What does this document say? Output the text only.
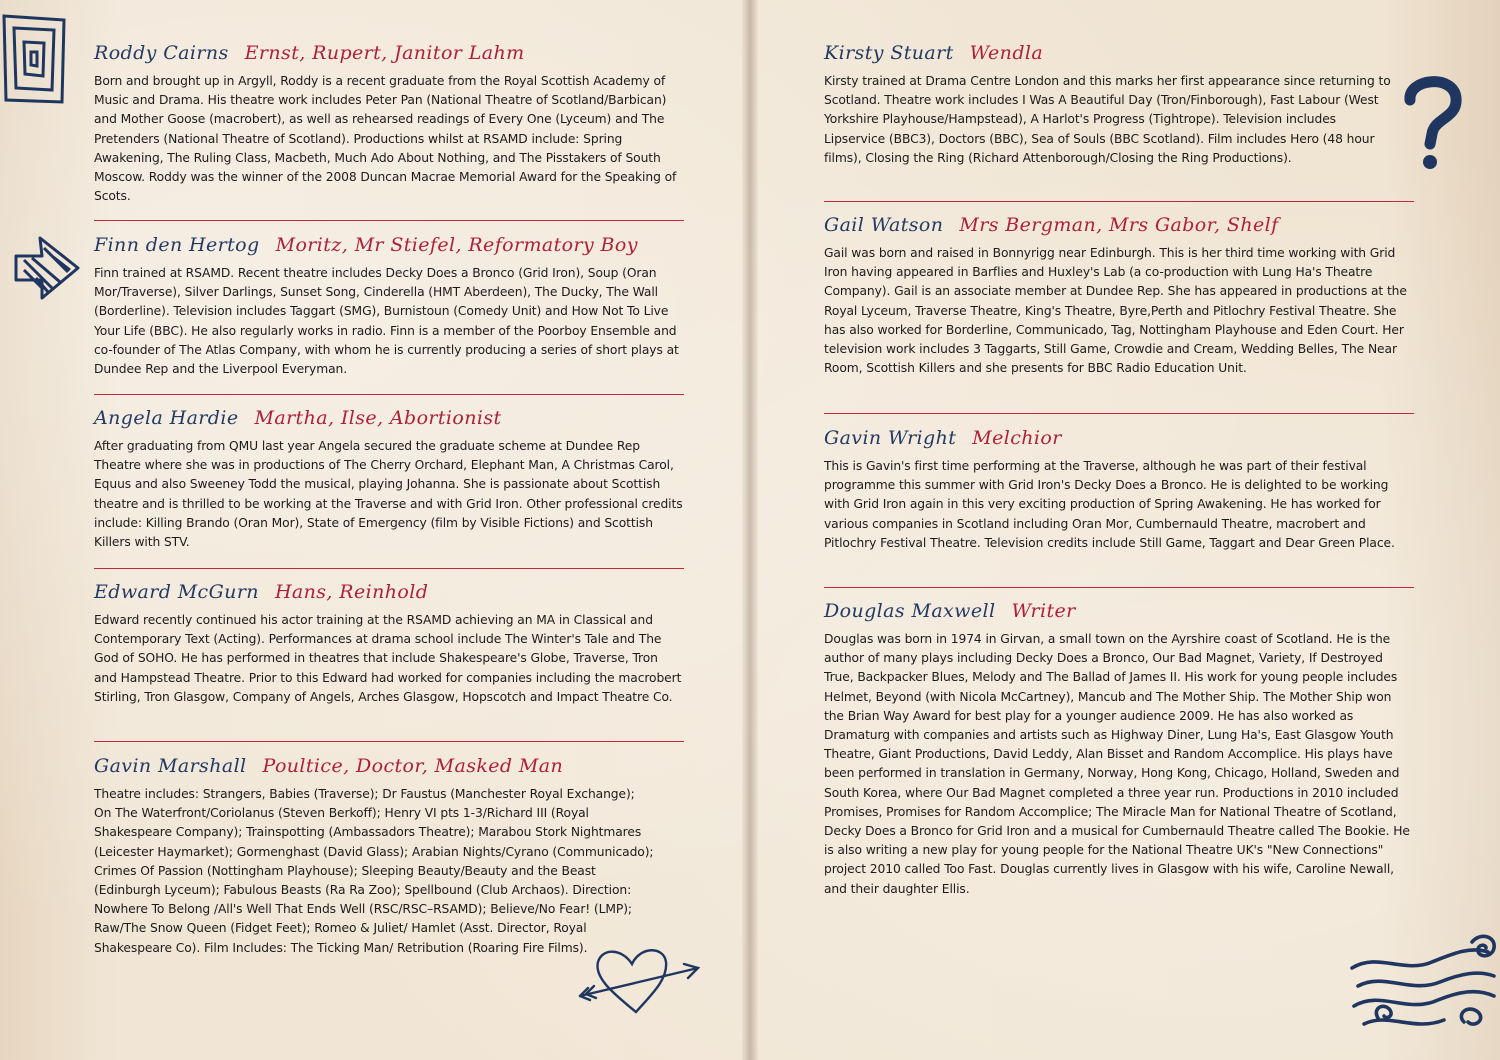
Roddy Cairns Ernst, Rupert, Janitor Lahm

Born and brought up in Argyll, Roddy is a recent graduate from the Royal Scottish Academy of Music and Drama. His theatre work includes Peter Pan (National Theatre of Scotland/Barbican) and Mother Goose (macrobert), as well as rehearsed readings of Every One (Lyceum) and The Pretenders (National Theatre of Scotland). Productions whilst at RSAMD include: Spring Awakening, The Ruling Class, Macbeth, Much Ado About Nothing, and The Pisstakers of South Moscow. Roddy was the winner of the 2008 Duncan Macrae Memorial Award for the Speaking of Scots.

Finn den Hertog Moritz, Mr Stiefel, Reformatory Boy

Finn trained at RSAMD. Recent theatre includes Decky Does a Bronco (Grid Iron), Soup (Oran Mor/Traverse), Silver Darlings, Sunset Song, Cinderella (HMT Aberdeen), The Ducky, The Wall (Borderline). Television includes Taggart (SMG), Burnistoun (Comedy Unit) and How Not To Live Your Life (BBC). He also regularly works in radio. Finn is a member of the Poorboy Ensemble and co-founder of The Atlas Company, with whom he is currently producing a series of short plays at Dundee Rep and the Liverpool Everyman.

Angela Hardie Martha, Ilse, Abortionist

After graduating from QMU last year Angela secured the graduate scheme at Dundee Rep Theatre where she was in productions of The Cherry Orchard, Elephant Man, A Christmas Carol, Equus and also Sweeney Todd the musical, playing Johanna. She is passionate about Scottish theatre and is thrilled to be working at the Traverse and with Grid Iron. Other professional credits include: Killing Brando (Oran Mor), State of Emergency (film by Visible Fictions) and Scottish Killers with STV.

Edward McGurn Hans, Reinhold

Edward recently continued his actor training at the RSAMD achieving an MA in Classical and Contemporary Text (Acting). Performances at drama school include The Winter's Tale and The God of SOHO. He has performed in theatres that include Shakespeare's Globe, Traverse, Tron and Hampstead Theatre. Prior to this Edward had worked for companies including the macrobert Stirling, Tron Glasgow, Company of Angels, Arches Glasgow, Hopscotch and Impact Theatre Co.

Gavin Marshall Poultice, Doctor, Masked Man

Theatre includes: Strangers, Babies (Traverse); Dr Faustus (Manchester Royal Exchange); On The Waterfront/Coriolanus (Steven Berkoff); Henry VI pts 1-3/Richard III (Royal Shakespeare Company); Trainspotting (Ambassadors Theatre); Marabou Stork Nightmares (Leicester Haymarket); Gormenghast (David Glass); Arabian Nights/Cyrano (Communicado); Crimes Of Passion (Nottingham Playhouse); Sleeping Beauty/Beauty and the Beast (Edinburgh Lyceum); Fabulous Beasts (Ra Ra Zoo); Spellbound (Club Archaos). Direction: Nowhere To Belong /All's Well That Ends Well (RSC/RSC–RSAMD); Believe/No Fear! (LMP); Raw/The Snow Queen (Fidget Feet); Romeo & Juliet/ Hamlet (Asst. Director, Royal Shakespeare Co). Film Includes: The Ticking Man/ Retribution (Roaring Fire Films).

Kirsty Stuart Wendla

Kirsty trained at Drama Centre London and this marks her first appearance since returning to Scotland. Theatre work includes I Was A Beautiful Day (Tron/Finborough), Fast Labour (West Yorkshire Playhouse/Hampstead), A Harlot's Progress (Tightrope). Television includes Lipservice (BBC3), Doctors (BBC), Sea of Souls (BBC Scotland). Film includes Hero (48 hour films), Closing the Ring (Richard Attenborough/Closing the Ring Productions).

Gail Watson Mrs Bergman, Mrs Gabor, Shelf

Gail was born and raised in Bonnyrigg near Edinburgh. This is her third time working with Grid Iron having appeared in Barflies and Huxley's Lab (a co-production with Lung Ha's Theatre Company). Gail is an associate member at Dundee Rep. She has appeared in productions at the Royal Lyceum, Traverse Theatre, King's Theatre, Byre,Perth and Pitlochry Festival Theatre. She has also worked for Borderline, Communicado, Tag, Nottingham Playhouse and Eden Court. Her television work includes 3 Taggarts, Still Game, Crowdie and Cream, Wedding Belles, The Near Room, Scottish Killers and she presents for BBC Radio Education Unit.

Gavin Wright Melchior

This is Gavin's first time performing at the Traverse, although he was part of their festival programme this summer with Grid Iron's Decky Does a Bronco. He is delighted to be working with Grid Iron again in this very exciting production of Spring Awakening. He has worked for various companies in Scotland including Oran Mor, Cumbernauld Theatre, macrobert and Pitlochry Festival Theatre. Television credits include Still Game, Taggart and Dear Green Place.

Douglas Maxwell Writer

Douglas was born in 1974 in Girvan, a small town on the Ayrshire coast of Scotland. He is the author of many plays including Decky Does a Bronco, Our Bad Magnet, Variety, If Destroyed True, Backpacker Blues, Melody and The Ballad of James II. His work for young people includes Helmet, Beyond (with Nicola McCartney), Mancub and The Mother Ship. The Mother Ship won the Brian Way Award for best play for a younger audience 2009. He has also worked as Dramaturg with companies and artists such as Highway Diner, Lung Ha's, East Glasgow Youth Theatre, Giant Productions, David Leddy, Alan Bisset and Random Accomplice. His plays have been performed in translation in Germany, Norway, Hong Kong, Chicago, Holland, Sweden and South Korea, where Our Bad Magnet completed a three year run. Productions in 2010 included Promises, Promises for Random Accomplice; The Miracle Man for National Theatre of Scotland, Decky Does a Bronco for Grid Iron and a musical for Cumbernauld Theatre called The Bookie. He is also writing a new play for young people for the National Theatre UK's "New Connections" project 2010 called Too Fast. Douglas currently lives in Glasgow with his wife, Caroline Newall, and their daughter Ellis.
